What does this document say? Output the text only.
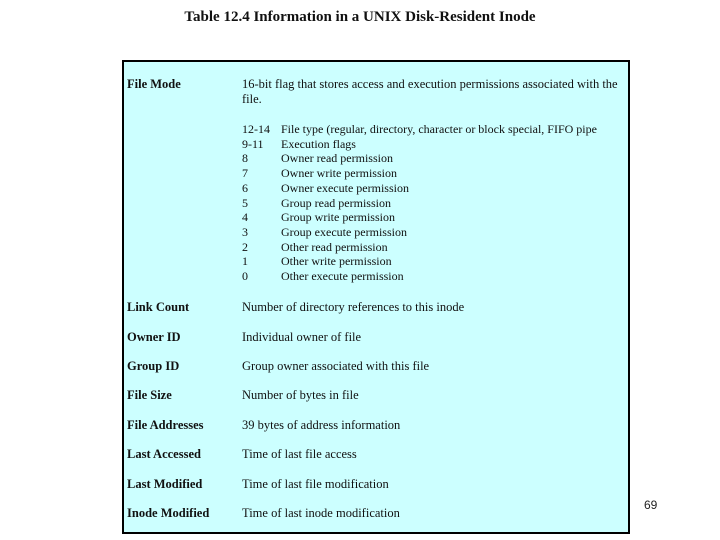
Table 12.4 Information in a UNIX Disk-Resident Inode
File Mode	16-bit flag that stores access and execution permissions associated with the file.
12-14 File type (regular, directory, character or block special, FIFO pipe
9-11	Execution flags
8	Owner read permission
7	Owner write permission
6	Owner execute permission
5	Group read permission
4	Group write permission
3	Group execute permission
2	Other read permission
1	Other write permission
0	Other execute permission
Link Count	Number of directory references to this inode
Owner ID	Individual owner of file
Group ID	Group owner associated with this file
File Size	Number of bytes in file
File Addresses	39 bytes of address information
Last Accessed	Time of last file access
Last Modified	Time of last file modification
Inode Modified	Time of last inode modification
69
